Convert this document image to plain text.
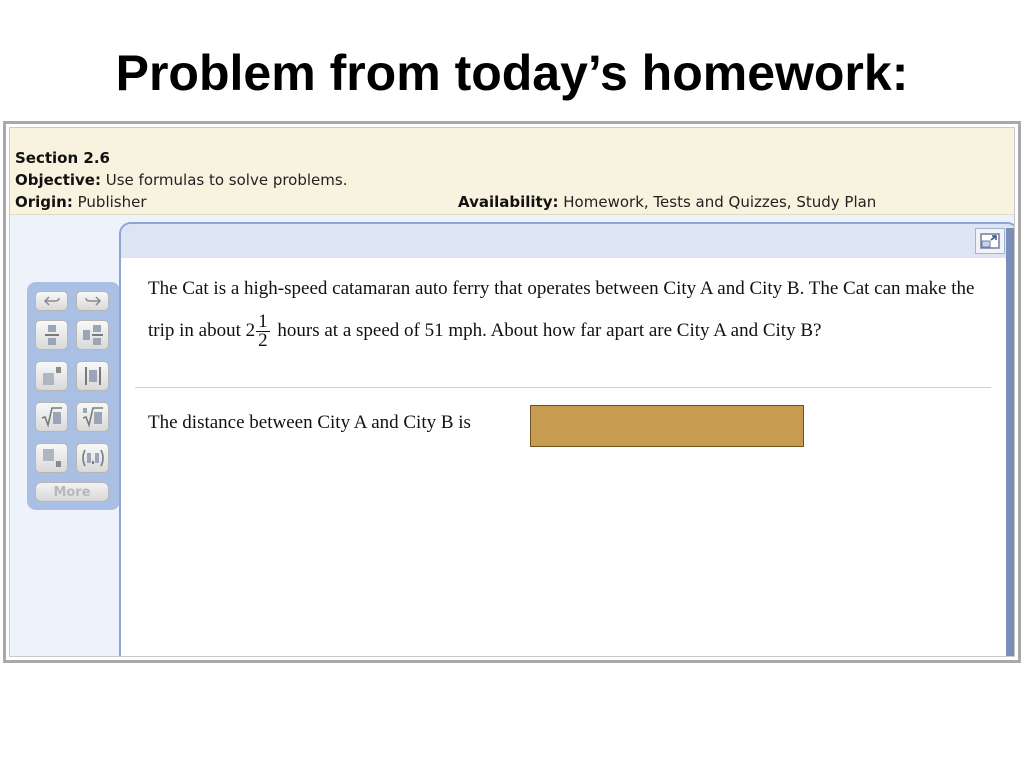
Problem from today’s homework:
Section 2.6
Objective: Use formulas to solve problems.
Origin: Publisher	Availability: Homework, Tests and Quizzes, Study Plan
More
The Cat is a high-speed catamaran auto ferry that operates between City A and City B. The Cat can make the trip in about $2 \frac{1}{2}$ hours at a speed of 51 mph. About how far apart are City A and City B?
The distance between City A and City B is
